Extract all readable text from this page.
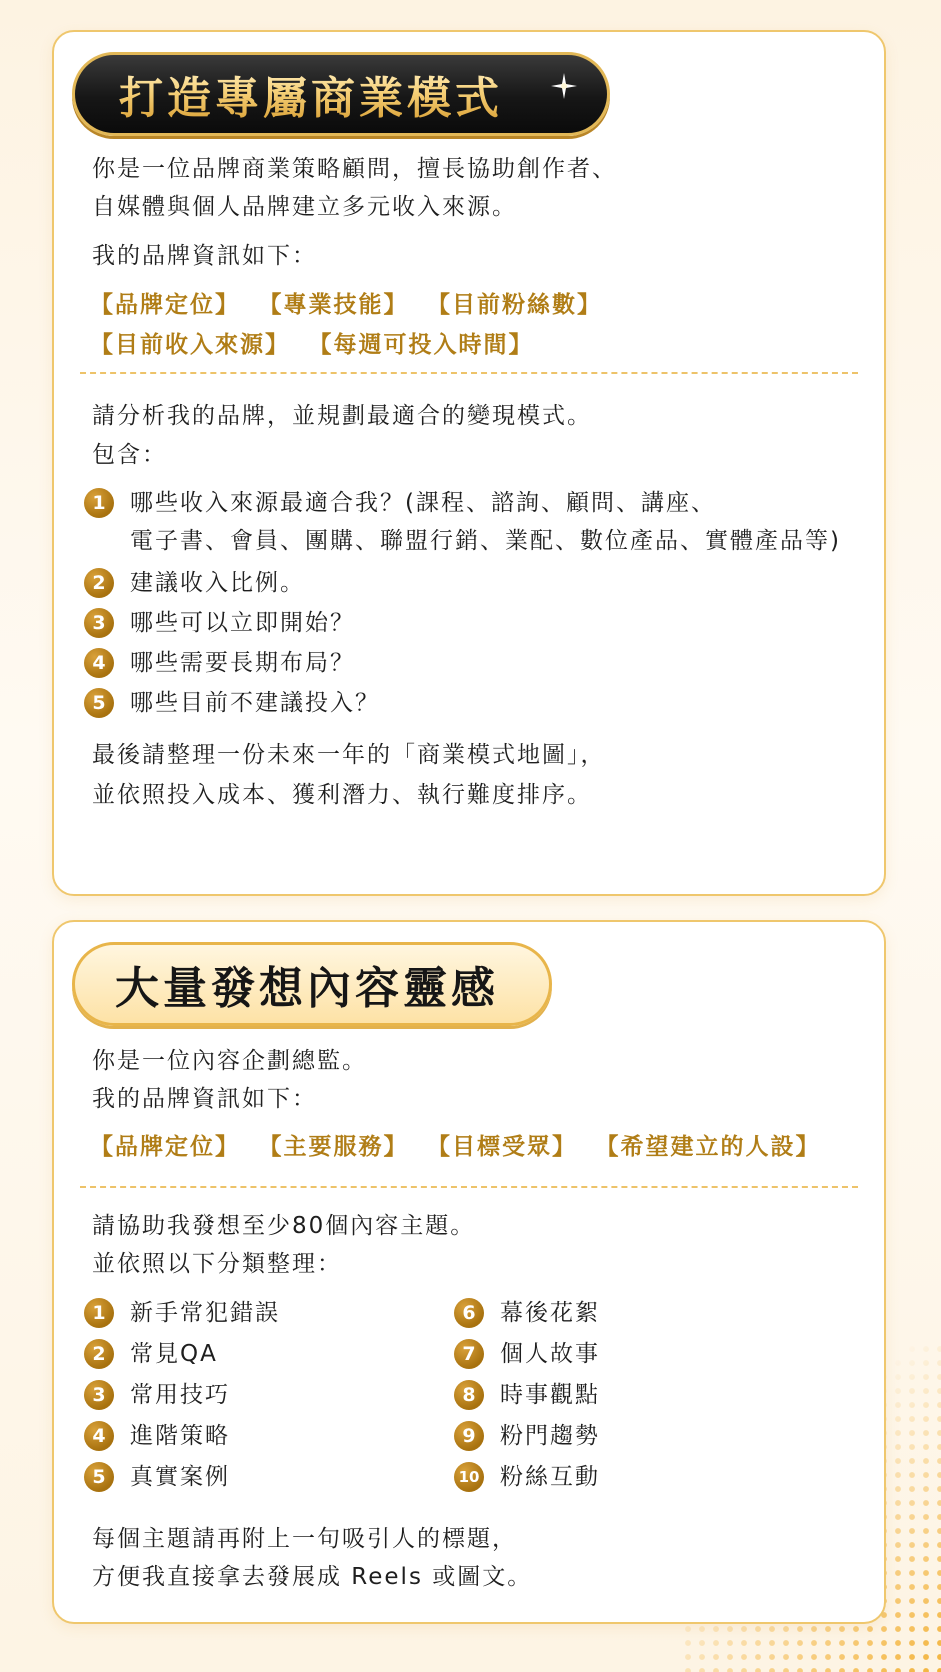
打造專屬商業模式
你是一位品牌商業策略顧問，擅長協助創作者、
自媒體與個人品牌建立多元收入來源。
我的品牌資訊如下：
【品牌定位】 【專業技能】 【目前粉絲數】
【目前收入來源】 【每週可投入時間】
請分析我的品牌，並規劃最適合的變現模式。
包含：
1	哪些收入來源最適合我？(課程、諮詢、顧問、講座、
電子書、會員、團購、聯盟行銷、業配、數位產品、實體產品等)
2	建議收入比例。
3	哪些可以立即開始？
4	哪些需要長期布局？
5	哪些目前不建議投入？
最後請整理一份未來一年的「商業模式地圖」，
並依照投入成本、獲利潛力、執行難度排序。
大量發想內容靈感
你是一位內容企劃總監。
我的品牌資訊如下：
【品牌定位】 【主要服務】 【目標受眾】 【希望建立的人設】
請協助我發想至少80個內容主題。
並依照以下分類整理：
1	新手常犯錯誤
2	常見QA
3	常用技巧
4	進階策略
5	真實案例
6	幕後花絮
7	個人故事
8	時事觀點
9	粉門趨勢
10 粉絲互動
每個主題請再附上一句吸引人的標題，
方便我直接拿去發展成 Reels 或圖文。
